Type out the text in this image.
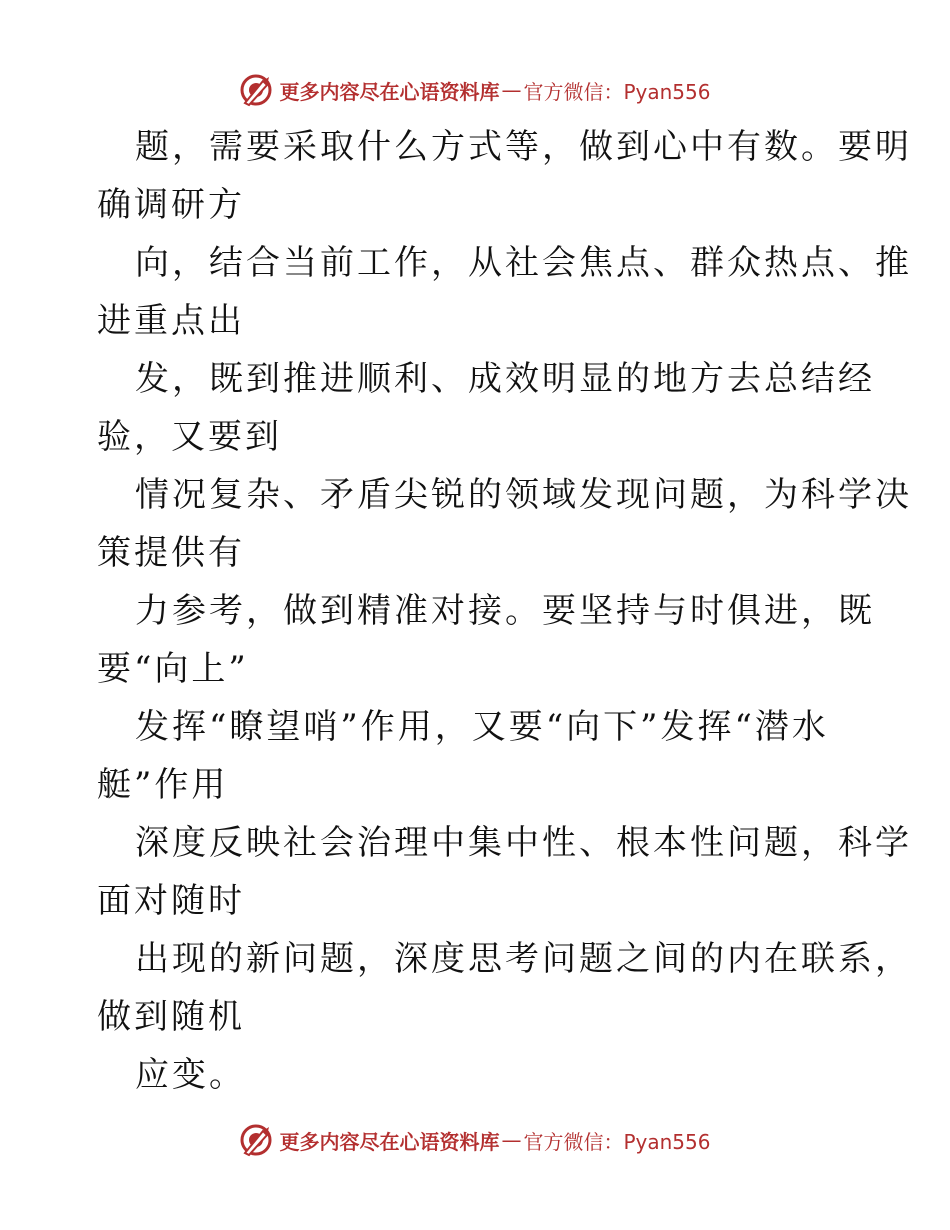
更多内容尽在心语资料库 — 官方微信：Pyan556

题，需要采取什么方式等，做到心中有数。要明
确调研方

向，结合当前工作，从社会焦点、群众热点、推
进重点出

发，既到推进顺利、成效明显的地方去总结经
验，又要到

情况复杂、矛盾尖锐的领域发现问题，为科学决
策提供有

力参考，做到精准对接。要坚持与时俱进，既
要“向上”

发挥“瞭望哨”作用，又要“向下”发挥“潜水
艇”作用

深度反映社会治理中集中性、根本性问题，科学
面对随时

出现的新问题，深度思考问题之间的内在联系，
做到随机

应变。

更多内容尽在心语资料库 — 官方微信：Pyan556
